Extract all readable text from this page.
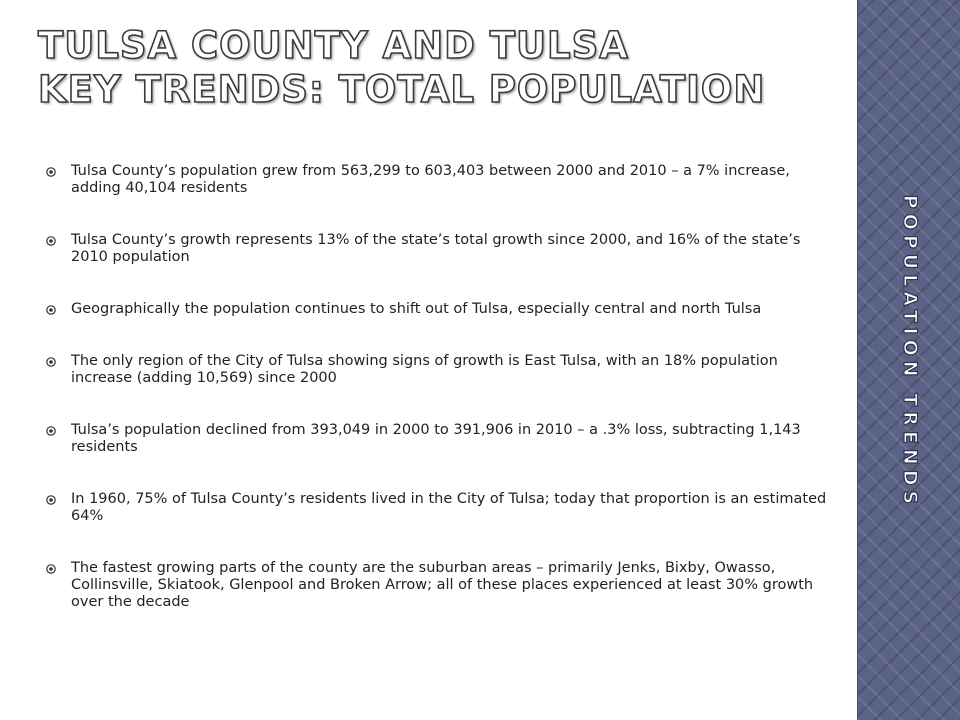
TULSA COUNTY AND TULSA
KEY TRENDS: TOTAL POPULATION
Tulsa County’s population grew from 563,299 to 603,403 between 2000 and 2010 – a 7% increase, adding 40,104 residents
Tulsa County’s growth represents 13% of the state’s total growth since 2000, and 16% of the state’s 2010 population
Geographically the population continues to shift out of Tulsa, especially central and north Tulsa
The only region of the City of Tulsa showing signs of growth is East Tulsa, with an 18% population increase (adding 10,569) since 2000
Tulsa’s population declined from 393,049 in 2000 to 391,906 in 2010 – a .3% loss, subtracting 1,143 residents
In 1960, 75% of Tulsa County’s residents lived in the City of Tulsa; today that proportion is an estimated 64%
The fastest growing parts of the county are the suburban areas – primarily Jenks, Bixby, Owasso, Collinsville, Skiatook, Glenpool and Broken Arrow; all of these places experienced at least 30% growth over the decade
POPULATION TRENDS
